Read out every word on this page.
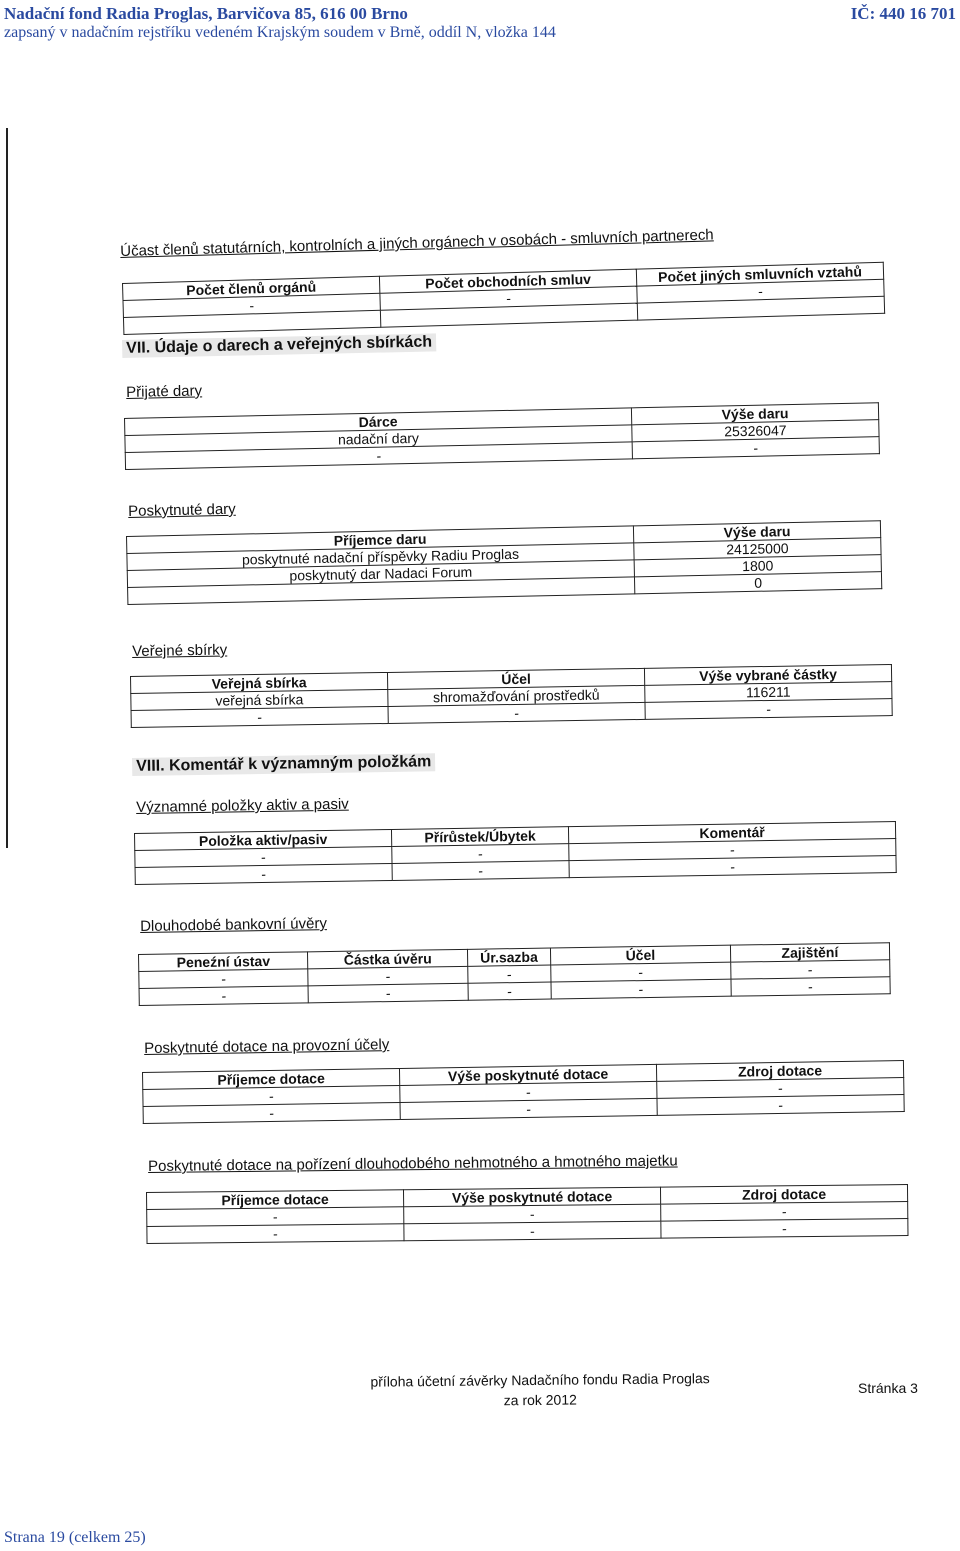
Nadační fond Radia Proglas, Barvičova 85, 616 00 Brno
zapsaný v nadačním rejstříku vedeném Krajským soudem v Brně, oddíl N, vložka 144
IČ: 440 16 701
Účast členů statutárních, kontrolních a jiných orgánech v osobách - smluvních partnerech
Počet členů orgánů	Počet obchodních smluv	Počet jiných smluvních vztahů
-	-	-

VII. Údaje o darech a veřejných sbírkách
Přijaté dary
Dárce	Výše daru
nadační dary	25326047
-	-
Poskytnuté dary
Příjemce daru	Výše daru
poskytnuté nadační příspěvky Radiu Proglas	24125000
poskytnutý dar Nadaci Forum	1800
	0
Veřejné sbírky
Veřejná sbírka	Účel	Výše vybrané částky
veřejná sbírka	shromažďování prostředků	116211
-	-	-
VIII. Komentář k významným položkám
Významné položky aktiv a pasiv
Položka aktiv/pasiv	Přírůstek/Úbytek	Komentář
-	-	-
-	-	-
Dlouhodobé bankovní úvěry
Peneźní ústav	Částka úvěru	Úr.sazba	Účel	Zajištění
-	-	-	-	-
-	-	-	-	-
Poskytnuté dotace na provozní účely
Příjemce dotace	Výše poskytnuté dotace	Zdroj dotace
-	-	-
-	-	-
Poskytnuté dotace na pořízení dlouhodobého nehmotného a hmotného majetku
Příjemce dotace	Výše poskytnuté dotace	Zdroj dotace
-	-	-
-	-	-
příloha účetní závěrky Nadačního fondu Radia Proglas
za rok 2012
Stránka 3
Strana 19 (celkem 25)
